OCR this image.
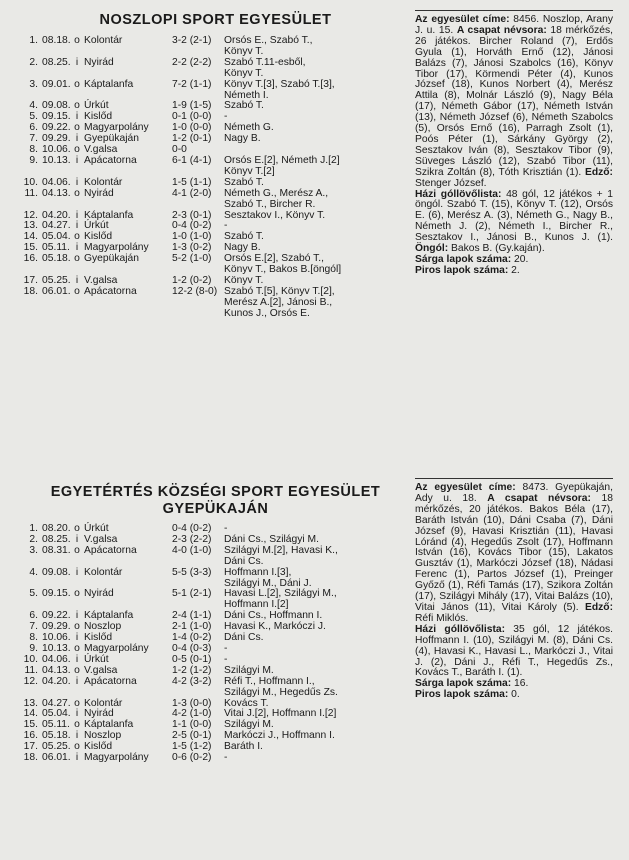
NOSZLOPI SPORT EGYESÜLET
1. 08.18. o Kolontár	3-2 (2-1)	Orsós E., Szabó T.,
Könyv T.
2. 08.25. i Nyirád	2-2 (2-2)	Szabó T.11-esből,
Könyv T.
3. 09.01. o Káptalanfa	7-2 (1-1)	Könyv T.[3], Szabó T.[3],
Németh I.
4. 09.08. o Úrkút	1-9 (1-5)	Szabó T.
5. 09.15. i Kislőd	0-1 (0-0)	-
6. 09.22. o Magyarpolány	1-0 (0-0)	Németh G.
7. 09.29. i Gyepükaján	1-2 (0-1)	Nagy B.
8. 10.06. o V.galsa	0-0
9. 10.13. i Apácatorna	6-1 (4-1)	Orsós E.[2], Németh J.[2]
Könyv T.[2]
10. 04.06. i Kolontár	1-5 (1-1)	Szabó T.
11. 04.13. o Nyirád	4-1 (2-0)	Németh G., Merész A.,
Szabó T., Bircher R.
12. 04.20. i Káptalanfa	2-3 (0-1)	Sesztakov I., Könyv T.
13. 04.27. i Úrkút	0-4 (0-2)	-
14. 05.04. o Kislőd	1-0 (1-0)	Szabó T.
15. 05.11. i Magyarpolány	1-3 (0-2)	Nagy B.
16. 05.18. o Gyepükaján	5-2 (1-0)	Orsós E.[2], Szabó T.,
Könyv T., Bakos B.[öngól]
17. 05.25. i V.galsa	1-2 (0-2)	Könyv T.
18. 06.01. o Apácatorna	12-2 (8-0) Szabó T.[5], Könyv T.[2],
Merész A.[2], Jánosi B.,
Kunos J., Orsós E.
Az egyesület címe: 8456. Noszlop, Arany J. u. 15. A csapat névsora: 18 mérkőzés, 26 játékos. Bircher Roland (7), Erdős Gyula (1), Horváth Ernő (12), Jánosi Balázs (7), Jánosi Szabolcs (16), Könyv Tibor (17), Körmendi Péter (4), Kunos József (18), Kunos Norbert (4), Merész Attila (8), Molnár László (9), Nagy Béla (17), Németh Gábor (17), Németh István (13), Németh József (6), Németh Szabolcs (5), Orsós Ernő (16), Parragh Zsolt (1), Poós Péter (1), Sárkány György (2), Sesztakov Iván (8), Sesztakov Tibor (9), Süveges László (12), Szabó Tibor (11), Szikra Zoltán (8), Tóth Krisztián (1). Edző: Stenger József.
Házi góllövőlista: 48 gól, 12 játékos + 1 öngól. Szabó T. (15), Könyv T. (12), Orsós E. (6), Merész A. (3), Németh G., Nagy B., Németh J. (2), Németh I., Bircher R., Sesztakov I., Jánosi B., Kunos J. (1). Öngól: Bakos B. (Gy.kaján).
Sárga lapok száma: 20.
Piros lapok száma: 2.
EGYETÉRTÉS KÖZSÉGI SPORT EGYESÜLET GYEPÜKAJÁN
1. 08.20. o Úrkút	0-4 (0-2)	-
2. 08.25. i V.galsa	2-3 (2-2)	Dáni Cs., Szilágyi M.
3. 08.31. o Apácatorna	4-0 (1-0)	Szilágyi M.[2], Havasi K.,
Dáni Cs.
4. 09.08. i Kolontár	5-5 (3-3)	Hoffmann I.[3],
Szilágyi M., Dáni J.
5. 09.15. o Nyirád	5-1 (2-1)	Havasi L.[2], Szilágyi M.,
Hoffmann I.[2]
6. 09.22. i Káptalanfa	2-4 (1-1)	Dáni Cs., Hoffmann I.
7. 09.29. o Noszlop	2-1 (1-0)	Havasi K., Markóczi J.
8. 10.06. i Kislőd	1-4 (0-2)	Dáni Cs.
9. 10.13. o Magyarpolány	0-4 (0-3)	-
10. 04.06. i Úrkút	0-5 (0-1)	-
11. 04.13. o V.galsa	1-2 (1-2)	Szilágyi M.
12. 04.20. i Apácatorna	4-2 (3-2)	Réfi T., Hoffmann I.,
Szilágyi M., Hegedűs Zs.
13. 04.27. o Kolontár	1-3 (0-0)	Kovács T.
14. 05.04. i Nyirád	4-2 (1-0)	Vitai J.[2], Hoffmann I.[2]
15. 05.11. o Káptalanfa	1-1 (0-0)	Szilágyi M.
16. 05.18. i Noszlop	2-5 (0-1)	Markóczi J., Hoffmann I.
17. 05.25. o Kislőd	1-5 (1-2)	Baráth I.
18. 06.01. i Magyarpolány	0-6 (0-2)	-
Az egyesület címe: 8473. Gyepükaján, Ady u. 18. A csapat névsora: 18 mérkőzés, 20 játékos. Bakos Béla (17), Baráth István (10), Dáni Csaba (7), Dáni József (9), Havasi Krisztián (11), Havasi Lóránd (4), Hegedűs Zsolt (17), Hoffmann István (16), Kovács Tibor (15), Lakatos Gusztáv (1), Markóczi József (18), Nádasi Ferenc (1), Partos József (1), Preinger Győző (1), Réfi Tamás (17), Szikora Zoltán (17), Szilágyi Mihály (17), Vitai Balázs (10), Vitai János (11), Vitai Károly (5). Edző: Réfi Miklós.
Házi góllövőlista: 35 gól, 12 játékos. Hoffmann I. (10), Szilágyi M. (8), Dáni Cs. (4), Havasi K., Havasi L., Markóczi J., Vitai J. (2), Dáni J., Réfi T., Hegedűs Zs., Kovács T., Baráth I. (1).
Sárga lapok száma: 16.
Piros lapok száma: 0.
